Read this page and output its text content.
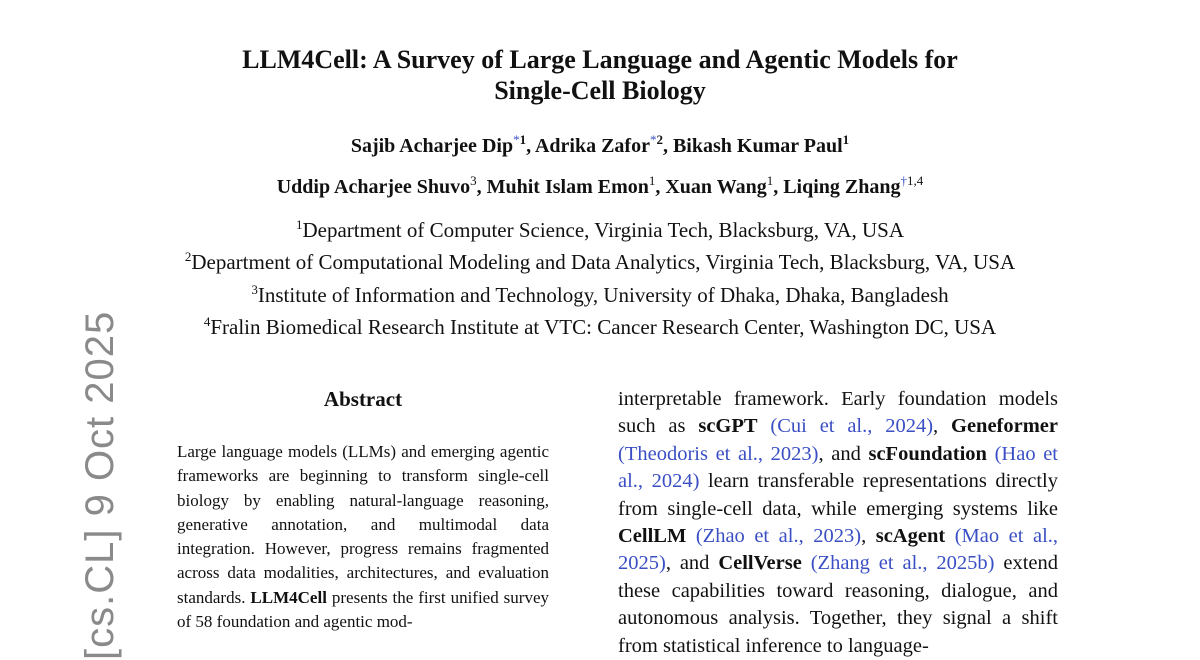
LLM4Cell: A Survey of Large Language and Agentic Models for
Single-Cell Biology
Sajib Acharjee Dip$^{*1}$, Adrika Zafor$^{*2}$, Bikash Kumar Paul$^1$
Uddip Acharjee Shuvo$^3$, Muhit Islam Emon$^1$, Xuan Wang$^1$, Liqing Zhang$^{\dagger 1,4}$
$^1$Department of Computer Science, Virginia Tech, Blacksburg, VA, USA
$^2$Department of Computational Modeling and Data Analytics, Virginia Tech, Blacksburg, VA, USA
$^3$Institute of Information and Technology, University of Dhaka, Dhaka, Bangladesh
$^4$Fralin Biomedical Research Institute at VTC: Cancer Research Center, Washington DC, USA
[cs.CL] 9 Oct 2025	Abstract
Large language models (LLMs) and emerging agentic frameworks are beginning to transform single-cell biology by enabling natural-language reasoning, generative annotation, and multimodal data integration. However, progress remains fragmented across data modalities, architectures, and evaluation standards. LLM4Cell presents the first unified survey of 58 foundation and agentic mod-
interpretable framework. Early foundation models such as scGPT (Cui et al., 2024), Geneformer (Theodoris et al., 2023), and scFoundation (Hao et al., 2024) learn transferable representations directly from single-cell data, while emerging systems like CellLM (Zhao et al., 2023), scAgent (Mao et al., 2025), and CellVerse (Zhang et al., 2025b) extend these capabilities toward reasoning, dialogue, and autonomous analysis. Together, they signal a shift from statistical inference to language-
